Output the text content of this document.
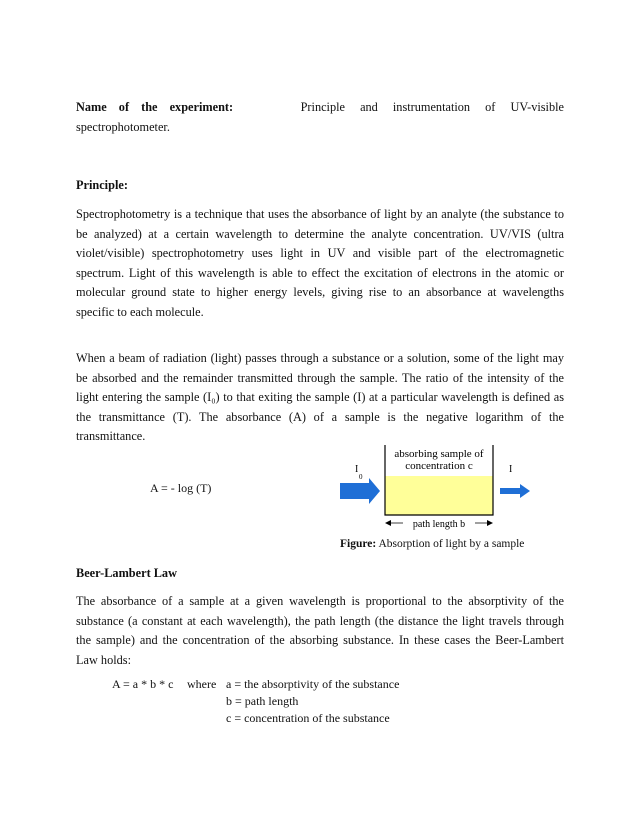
Name of the experiment:	Principle and instrumentation of UV-visible
spectrophotometer.
Principle:
Spectrophotometry is a technique that uses the absorbance of light by an analyte (the substance to be analyzed) at a certain wavelength to determine the analyte concentration. UV/VIS (ultra violet/visible) spectrophotometry uses light in UV and visible part of the electromagnetic spectrum. Light of this wavelength is able to effect the excitation of electrons in the atomic or molecular ground state to higher energy levels, giving rise to an absorbance at wavelengths specific to each molecule.
When a beam of radiation (light) passes through a substance or a solution, some of the light may be absorbed and the remainder transmitted through the sample. The ratio of the intensity of the light entering the sample (I₀) to that exiting the sample (I) at a particular wavelength is defined as the transmittance (T). The absorbance (A) of a sample is the negative logarithm of the transmittance.
A = - log (T)
absorbing sample of
concentration c
I
0
I
path length b
Figure: Absorption of light by a sample
Beer-Lambert Law
The absorbance of a sample at a given wavelength is proportional to the absorptivity of the substance (a constant at each wavelength), the path length (the distance the light travels through the sample) and the concentration of the absorbing substance. In these cases the Beer-Lambert Law holds:
A = a * b * c where a = the absorptivity of the substance
b = path length
c = concentration of the substance
